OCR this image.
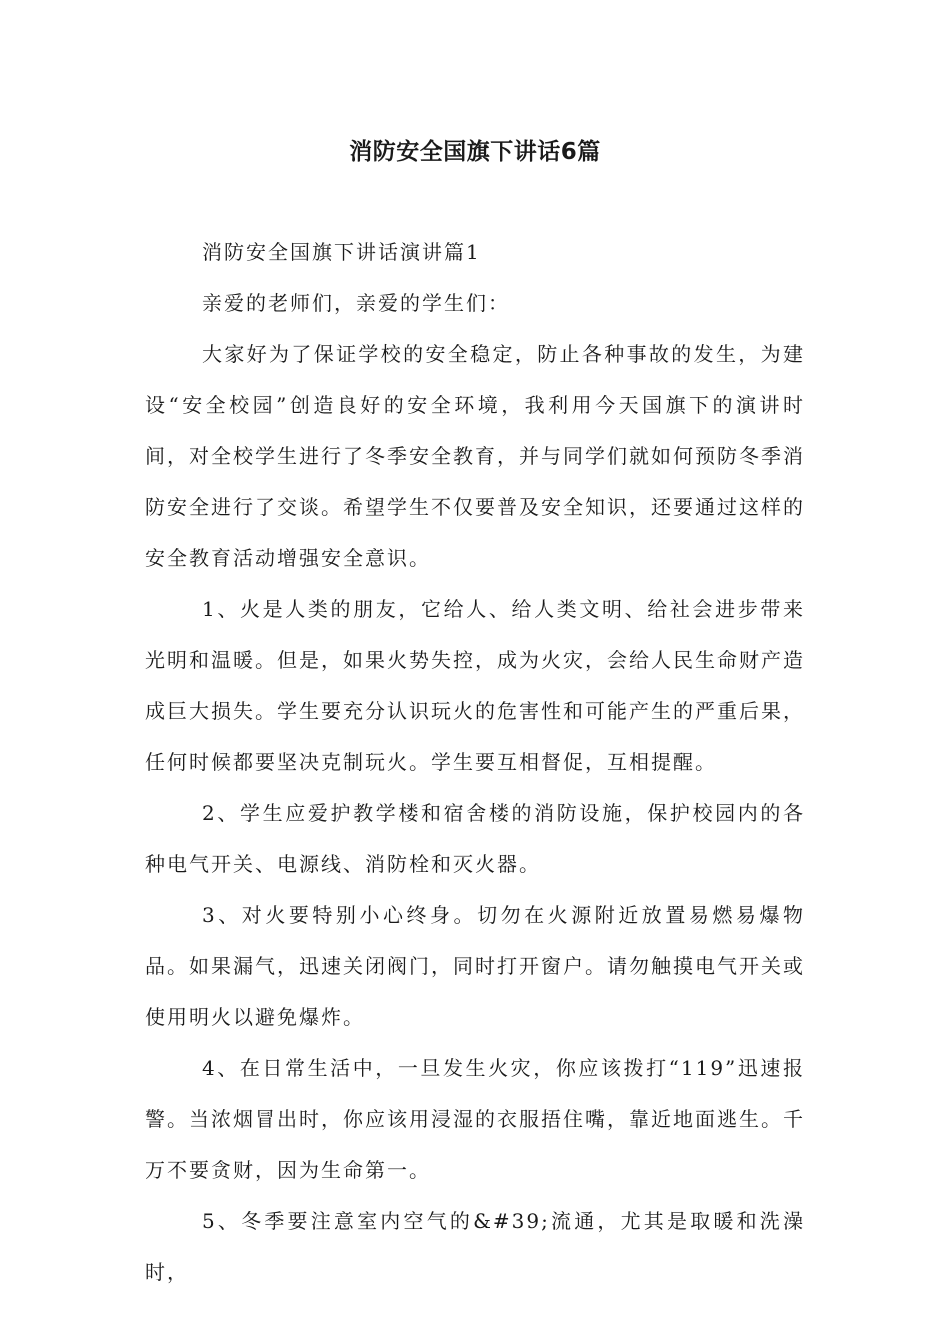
消防安全国旗下讲话6篇

消防安全国旗下讲话演讲篇1

亲爱的老师们，亲爱的学生们：

大家好为了保证学校的安全稳定，防止各种事故的发生，为建设“安全校园”创造良好的安全环境，我利用今天国旗下的演讲时间，对全校学生进行了冬季安全教育，并与同学们就如何预防冬季消防安全进行了交谈。希望学生不仅要普及安全知识，还要通过这样的安全教育活动增强安全意识。

1、火是人类的朋友，它给人、给人类文明、给社会进步带来光明和温暖。但是，如果火势失控，成为火灾，会给人民生命财产造成巨大损失。学生要充分认识玩火的危害性和可能产生的严重后果，任何时候都要坚决克制玩火。学生要互相督促，互相提醒。

2、学生应爱护教学楼和宿舍楼的消防设施，保护校园内的各种电气开关、电源线、消防栓和灭火器。

3、对火要特别小心终身。切勿在火源附近放置易燃易爆物品。如果漏气，迅速关闭阀门，同时打开窗户。请勿触摸电气开关或使用明火以避免爆炸。

4、在日常生活中，一旦发生火灾，你应该拨打“119”迅速报警。当浓烟冒出时，你应该用浸湿的衣服捂住嘴，靠近地面逃生。千万不要贪财，因为生命第一。

5、冬季要注意室内空气的&#39;流通，尤其是取暖和洗澡时，
